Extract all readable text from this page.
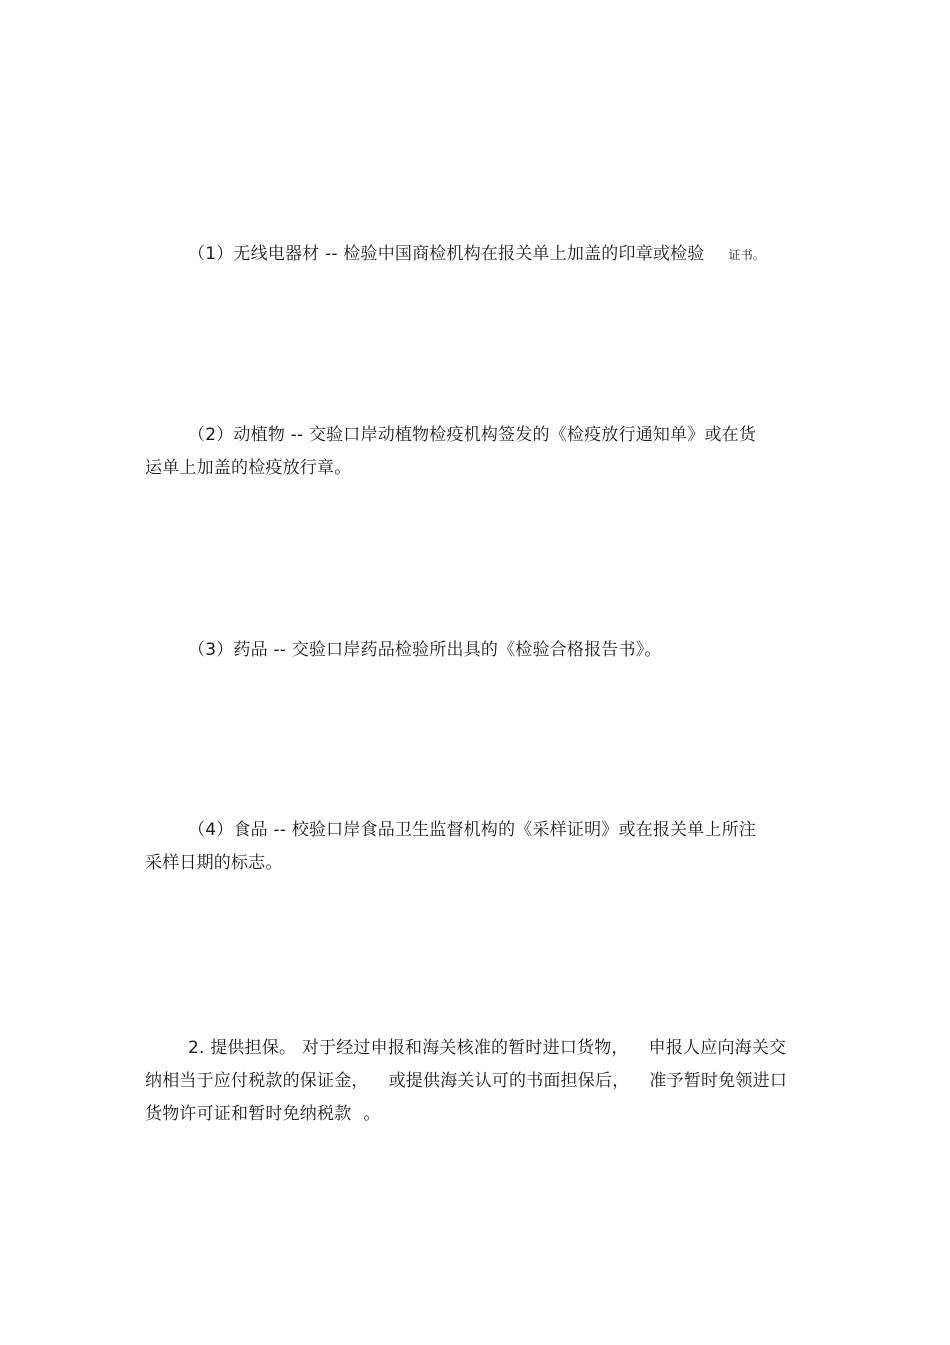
（1）无线电器材 -- 检验中国商检机构在报关单上加盖的印章或检验 证书。
（2）动植物 -- 交验口岸动植物检疫机构签发的《检疫放行通知单》或在货
运单上加盖的检疫放行章。
（3）药品 -- 交验口岸药品检验所出具的《检验合格报告书》。
（4）食品 -- 校验口岸食品卫生监督机构的《采样证明》或在报关单上所注
采样日期的标志。
2. 提供担保。 对于经过申报和海关核准的暂时进口货物， 申报人应向海关交
纳相当于应付税款的保证金， 或提供海关认可的书面担保后， 准予暂时免领进口
货物许可证和暂时免纳税款 。
